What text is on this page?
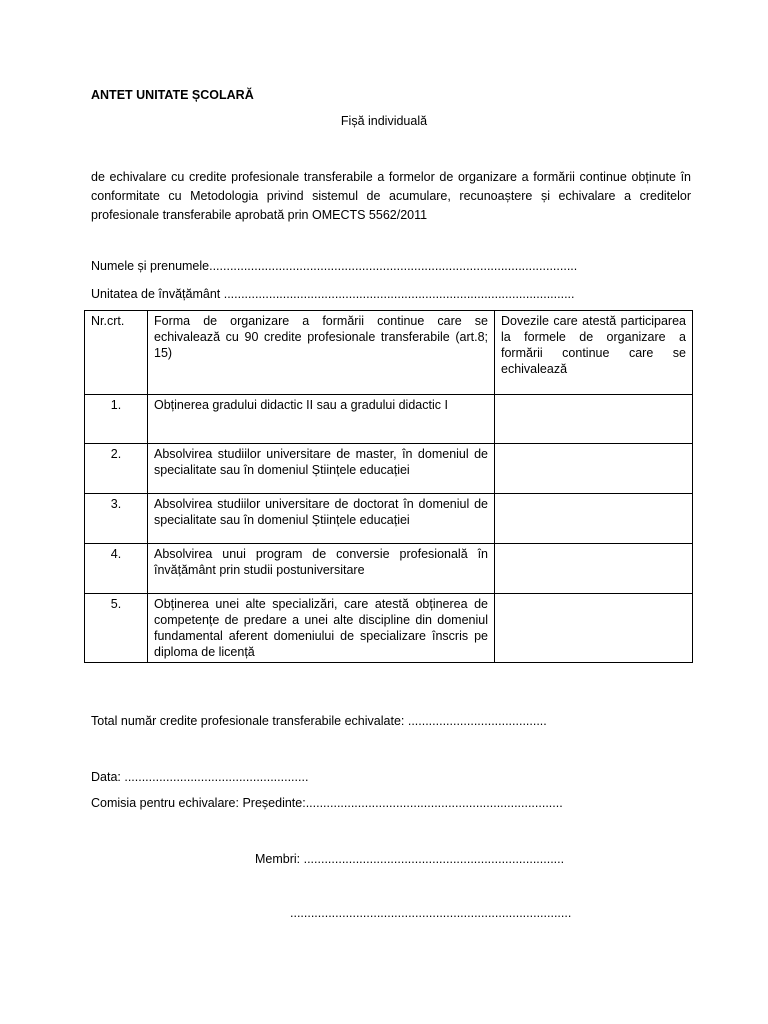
ANTET UNITATE ȘCOLARĂ
Fișă individuală
de echivalare cu credite profesionale transferabile a formelor de organizare a formării continue obținute în conformitate cu Metodologia privind sistemul de acumulare, recunoaștere și echivalare a creditelor profesionale transferabile aprobată prin OMECTS 5562/2011
Numele și prenumele..........................................................................................................
Unitatea de învățământ .....................................................................................................
Nr.crt.	Forma de organizare a formării continue care se echivalează cu 90 credite profesionale transferabile (art.8; 15)	Dovezile care atestă participarea la formele de organizare a formării continue care se echivalează
1.	Obținerea gradului didactic II sau a gradului didactic I	
2.	Absolvirea studiilor universitare de master, în domeniul de specialitate sau în domeniul Științele educației	
3.	Absolvirea studiilor universitare de doctorat în domeniul de specialitate sau în domeniul Științele educației	
4.	Absolvirea unui program de conversie profesională în învățământ prin studii postuniversitare	
5.	Obținerea unei alte specializări, care atestă obținerea de competențe de predare a unei alte discipline din domeniul fundamental aferent domeniului de specializare înscris pe diploma de licență	
Total număr credite profesionale transferabile echivalate: ........................................
Data: .....................................................
Comisia pentru echivalare: Președinte:..........................................................................
Membri: ...........................................................................
.................................................................................
